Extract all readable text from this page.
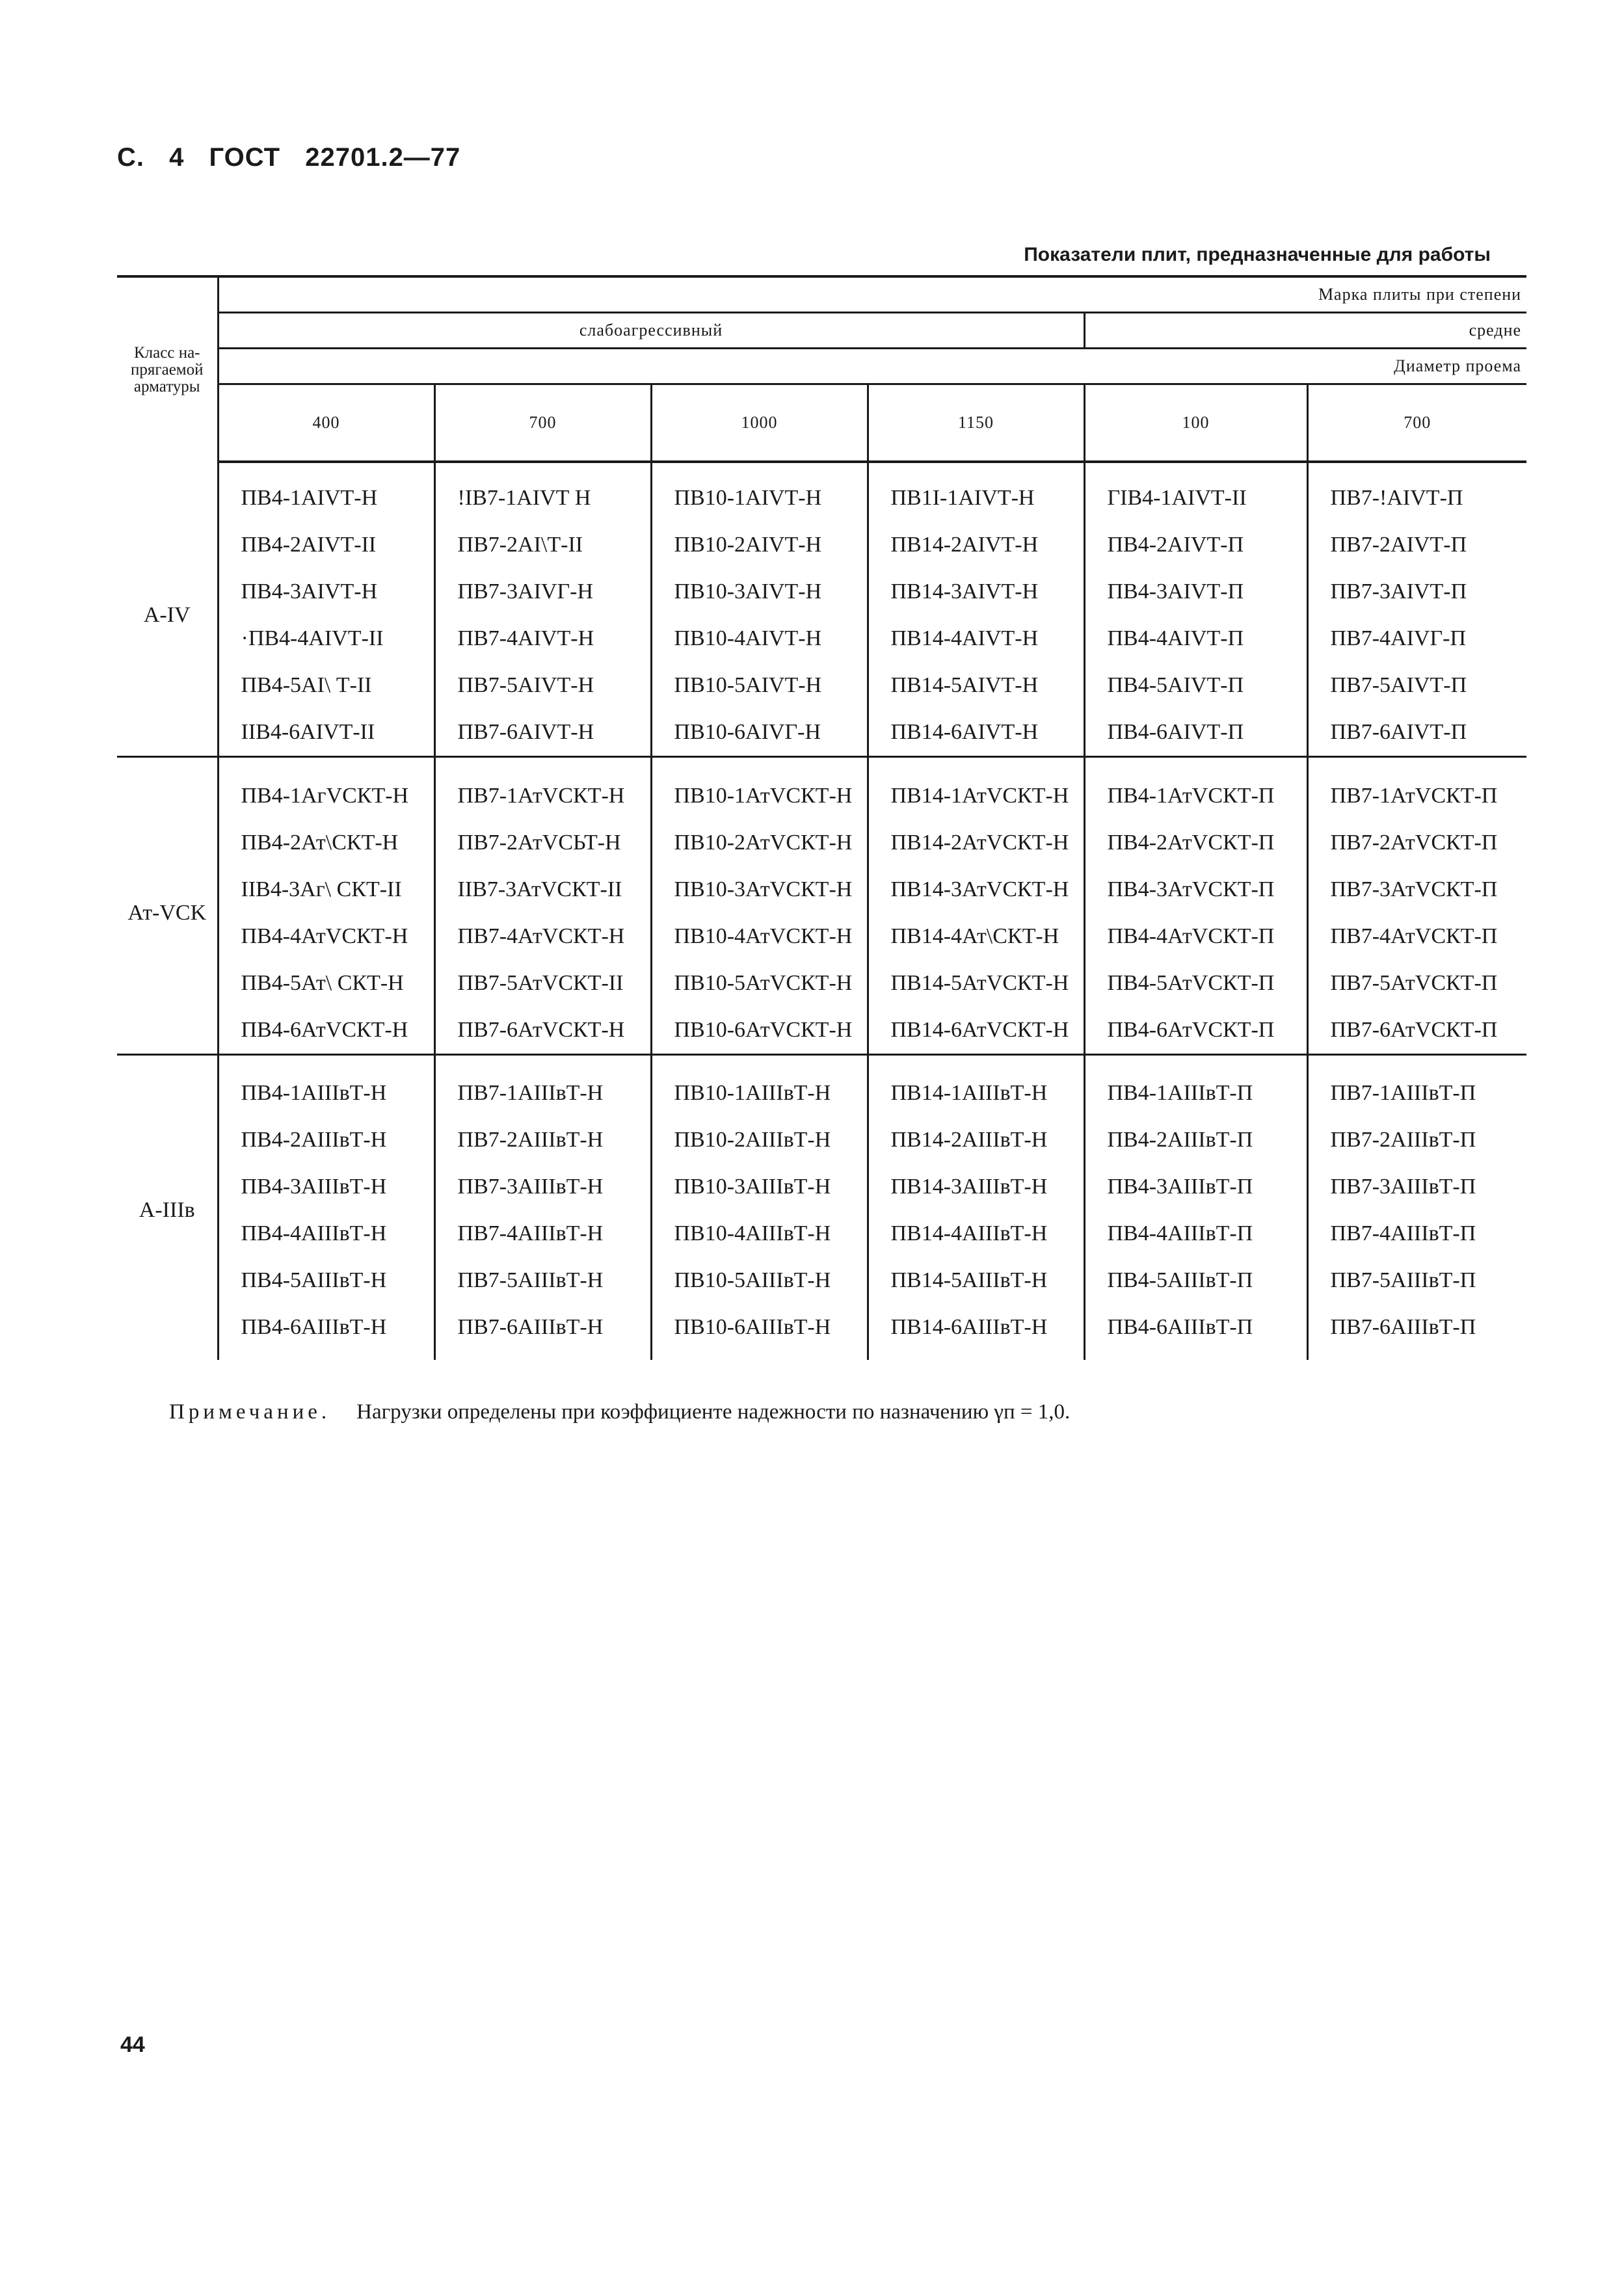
С. 4 ГОСТ 22701.2—77
Показатели плит, предназначенные для работы
Класс на-прягаемой арматуры	Марка плиты при степени					
	слабоагрессивный				средне	
	Диаметр проема					
	400	700	1000	1150	100	700

А-IV	ПВ4-1АIVТ-Н	!ІВ7-1АIVТ Н	ПВ10-1АIVТ-Н	ПВ1І-1АIVТ-Н	ГІВ4-1АIVТ-ІІ	ПВ7-!АIVТ-П
	ПВ4-2АIVТ-ІІ	ПВ7-2АІ\Т-ІІ	ПВ10-2АIVТ-Н	ПВ14-2АIVТ-Н	ПВ4-2АIVТ-П	ПВ7-2АIVТ-П
	ПВ4-3АIVТ-Н	ПВ7-3АIVГ-Н	ПВ10-3АIVТ-Н	ПВ14-3АIVТ-Н	ПВ4-3АIVТ-П	ПВ7-3АIVТ-П
	·ПВ4-4АIVТ-ІІ	ПВ7-4АIVТ-Н	ПВ10-4АIVТ-Н	ПВ14-4АIVТ-Н	ПВ4-4АIVТ-П	ПВ7-4АIVГ-П
	ПВ4-5АІ\ Т-ІІ	ПВ7-5АIVТ-Н	ПВ10-5АIVТ-Н	ПВ14-5АIVТ-Н	ПВ4-5АIVТ-П	ПВ7-5АІVТ-П
	ІІВ4-6АIVТ-ІІ	ПВ7-6АIVТ-Н	ПВ10-6АIVГ-Н	ПВ14-6АIVТ-Н	ПВ4-6АIVТ-П	ПВ7-6АIVТ-П

Ат-VCK	ПВ4-1АгVСКТ-Н	ПВ7-1АтVСКТ-Н	ПВ10-1АтVСКТ-Н	ПВ14-1АтVСКТ-Н	ПВ4-1АтVСКТ-П	ПВ7-1АтVСКТ-П
	ПВ4-2Ат\СКТ-Н	ПВ7-2АтVСЬТ-Н	ПВ10-2АтVСКТ-Н	ПВ14-2АтVСКТ-Н	ПВ4-2АтVСКТ-П	ПВ7-2АтVСКТ-П
	ІІВ4-3Аг\ СКТ-ІІ	ІІВ7-3АтVСКТ-ІІ	ПВ10-3АтVСКТ-Н	ПВ14-3АтVСКТ-Н	ПВ4-3АтVСКТ-П	ПВ7-3АтVСКТ-П
	ПВ4-4АтVСКТ-Н	ПВ7-4АтVСКТ-Н	ПВ10-4АтVСКТ-Н	ПВ14-4Ат\СКТ-Н	ПВ4-4АтVСКТ-П	ПВ7-4АтVСКТ-П
	ПВ4-5Ат\ СКТ-Н	ПВ7-5АтVСКТ-ІІ	ПВ10-5АтVСКТ-Н	ПВ14-5АтVСКТ-Н	ПВ4-5АтVСКТ-П	ПВ7-5АтVСКТ-П
	ПВ4-6АтVСКТ-Н	ПВ7-6АтVСКТ-Н	ПВ10-6АтVСКТ-Н	ПВ14-6АтVСКТ-Н	ПВ4-6АтVСКТ-П	ПВ7-6АтVСКТ-П

А-IIIв	ПВ4-1АIIIвТ-Н	ПВ7-1АIIIвТ-Н	ПВ10-1АIIIвТ-Н	ПВ14-1АIIIвТ-Н	ПВ4-1АIIIвТ-П	ПВ7-1АIIIвТ-П
	ПВ4-2АIIIвТ-Н	ПВ7-2АIIIвТ-Н	ПВ10-2АIIIвТ-Н	ПВ14-2АIIIвТ-Н	ПВ4-2АIIIвТ-П	ПВ7-2АIIIвТ-П
	ПВ4-3АIIIвТ-Н	ПВ7-3АIIIвТ-Н	ПВ10-3АIIIвТ-Н	ПВ14-3АIIIвТ-Н	ПВ4-3АIIIвТ-П	ПВ7-3АIIIвТ-П
	ПВ4-4АIIIвТ-Н	ПВ7-4АIIIвТ-Н	ПВ10-4АIIIвТ-Н	ПВ14-4АIIIвТ-Н	ПВ4-4АIIIвТ-П	ПВ7-4АIIIвТ-П
	ПВ4-5АIIIвТ-Н	ПВ7-5АIIIвТ-Н	ПВ10-5АIIIвТ-Н	ПВ14-5АIIIвТ-Н	ПВ4-5АIIIвТ-П	ПВ7-5АIIIвТ-П
	ПВ4-6АIIIвТ-Н	ПВ7-6АIIIвТ-Н	ПВ10-6АIIIвТ-Н	ПВ14-6АIIIвТ-Н	ПВ4-6АIIIвТ-П	ПВ7-6АIIIвТ-П

Примечание. Нагрузки определены при коэффициенте надежности по назначению γп = 1,0.
44
